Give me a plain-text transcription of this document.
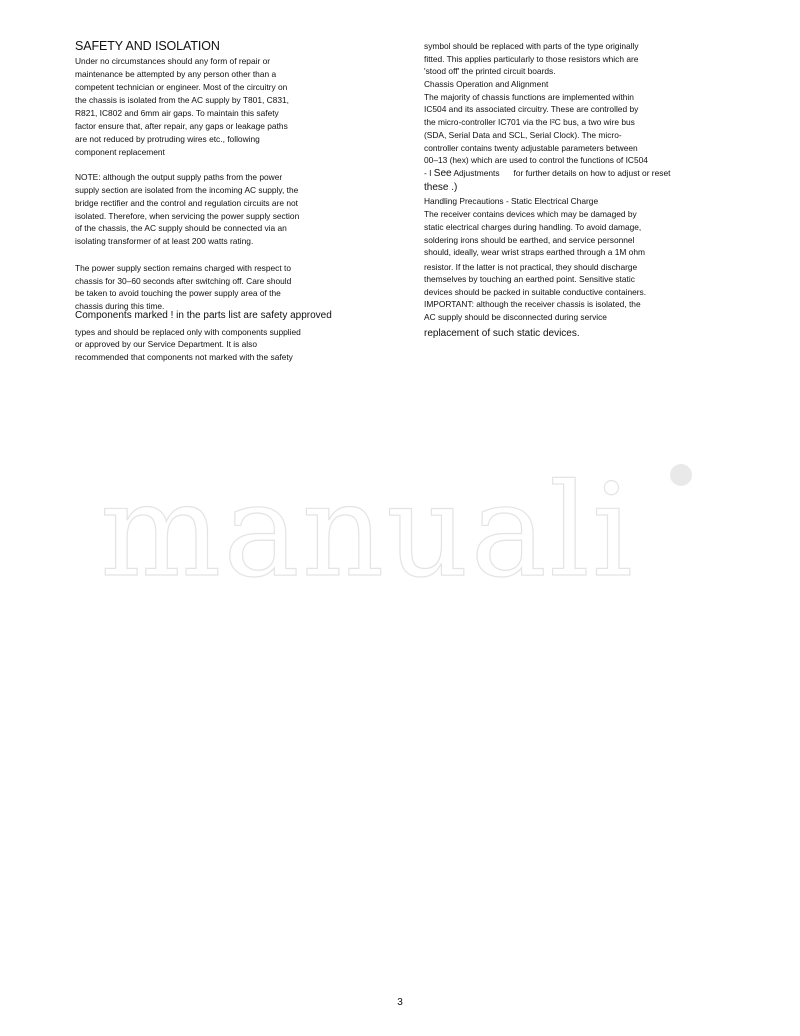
SAFETY AND ISOLATION
Under no circumstances should any form of repair or
maintenance be attempted by any person other than a
competent technician or engineer. Most of the circuitry on
the chassis is isolated from the AC supply by T801, C831,
R821, IC802 and 6mm air gaps. To maintain this safety
factor ensure that, after repair, any gaps or leakage paths
are not reduced by protruding wires etc., following
component replacement
NOTE: although the output supply paths from the power
supply section are isolated from the incoming AC supply, the
bridge rectifier and the control and regulation circuits are not
isolated. Therefore, when servicing the power supply section
of the chassis, the AC supply should be connected via an
isolating transformer of at least 200 watts rating.
The power supply section remains charged with respect to
chassis for 30–60 seconds after switching off. Care should
be taken to avoid touching the power supply area of the
chassis during this time.
Components marked ! in the parts list are safety approved
types and should be replaced only with components supplied
or approved by our Service Department. It is also
recommended that components not marked with the safety
symbol should be replaced with parts of the type originally
fitted. This applies particularly to those resistors which are
'stood off' the printed circuit boards.
Chassis Operation and Alignment
The majority of chassis functions are implemented within
IC504 and its associated circuitry. These are controlled by
the micro-controller IC701 via the I²C bus, a two wire bus
(SDA, Serial Data and SCL, Serial Clock). The micro-
controller contains twenty adjustable parameters between
00–13 (hex) which are used to control the functions of IC504
- I See Adjustments for further details on how to adjust or reset
these .)
Handling Precautions - Static Electrical Charge
The receiver contains devices which may be damaged by
static electrical charges during handling. To avoid damage,
soldering irons should be earthed, and service personnel
should, ideally, wear wrist straps earthed through a 1M ohm
resistor. If the latter is not practical, they should discharge
themselves by touching an earthed point. Sensitive static
devices should be packed in suitable conductive containers.
IMPORTANT: although the receiver chassis is isolated, the
AC supply should be disconnected during service
replacement of such static devices.
manuali
3
